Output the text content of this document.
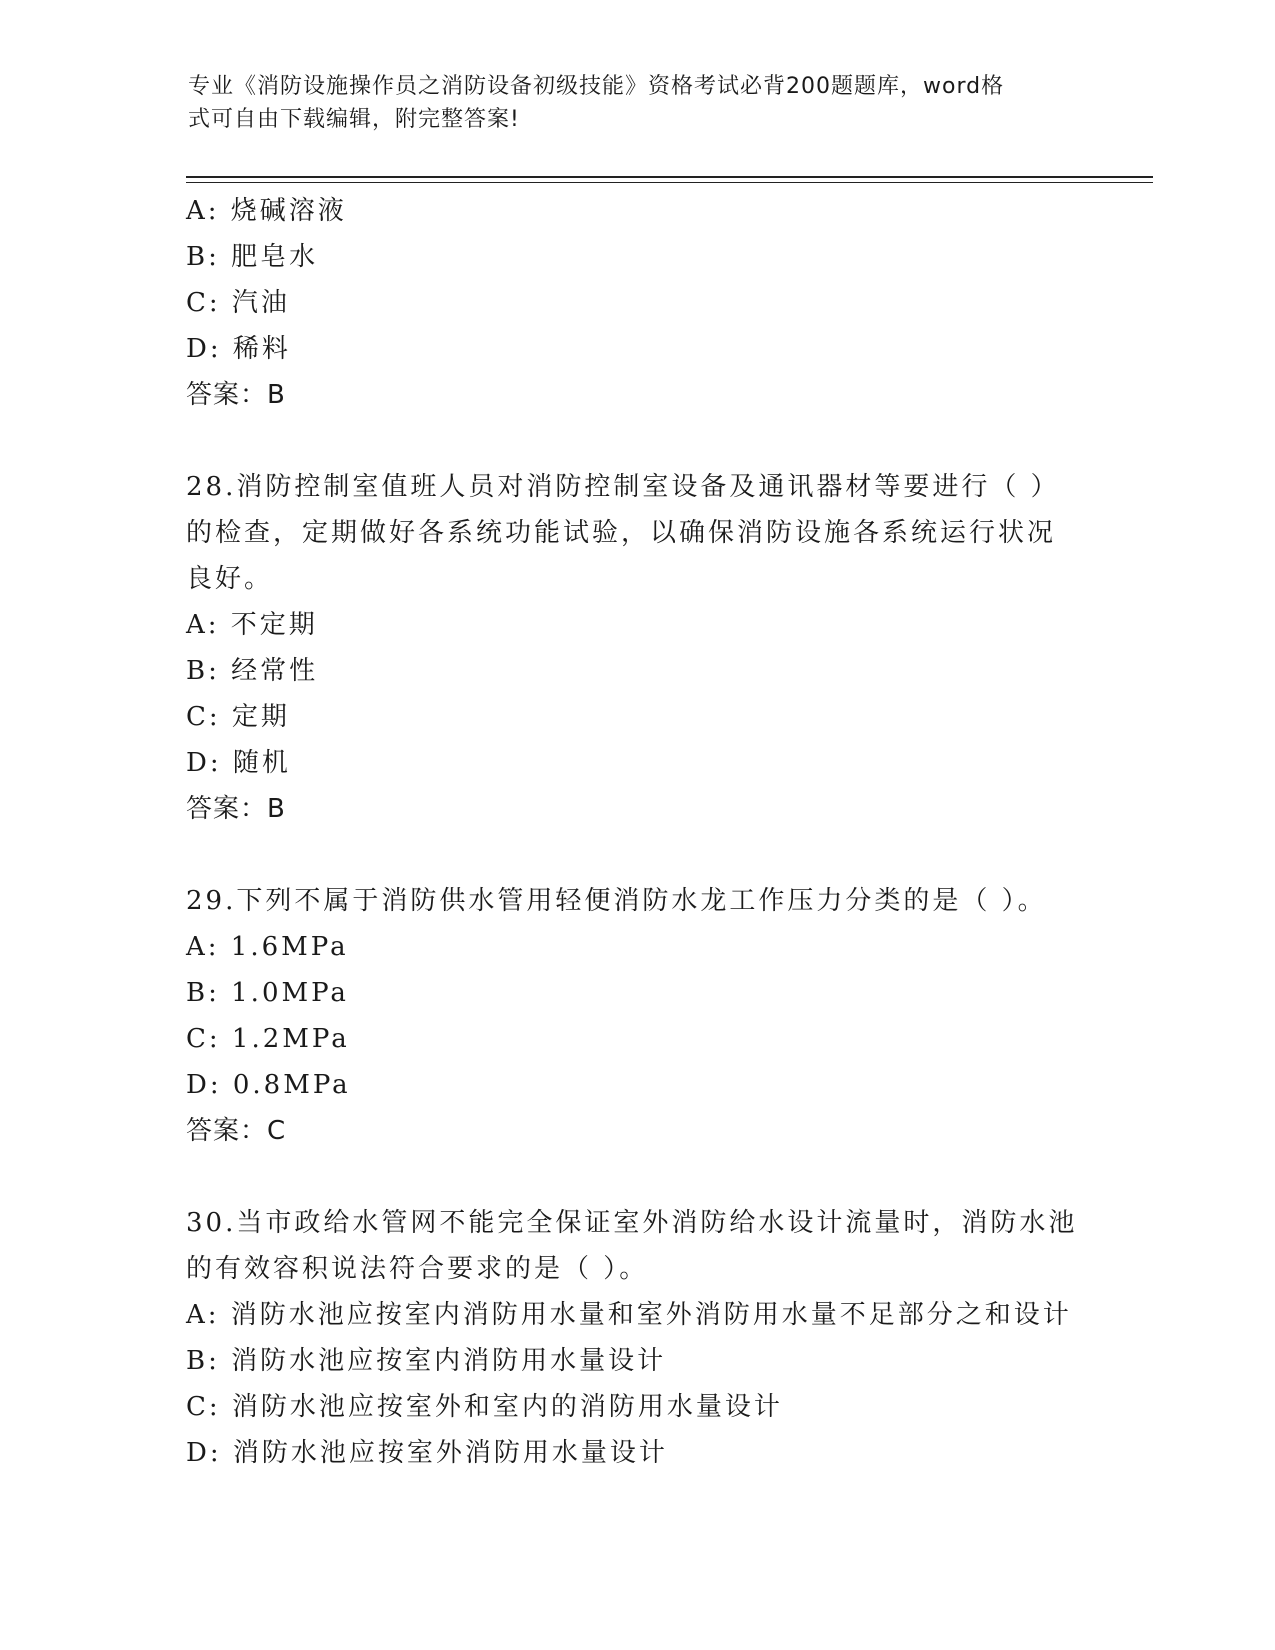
专业《消防设施操作员之消防设备初级技能》资格考试必背200题题库，word格
式可自由下载编辑，附完整答案!
A: 烧碱溶液
B: 肥皂水
C: 汽油
D: 稀料
答案：B
28.消防控制室值班人员对消防控制室设备及通讯器材等要进行（ ）
的检查，定期做好各系统功能试验，以确保消防设施各系统运行状况
良好。
A: 不定期
B: 经常性
C: 定期
D: 随机
答案：B
29.下列不属于消防供水管用轻便消防水龙工作压力分类的是（ ）。
A: 1.6MPa
B: 1.0MPa
C: 1.2MPa
D: 0.8MPa
答案：C
30.当市政给水管网不能完全保证室外消防给水设计流量时，消防水池
的有效容积说法符合要求的是（ ）。
A: 消防水池应按室内消防用水量和室外消防用水量不足部分之和设计
B: 消防水池应按室内消防用水量设计
C: 消防水池应按室外和室内的消防用水量设计
D: 消防水池应按室外消防用水量设计
